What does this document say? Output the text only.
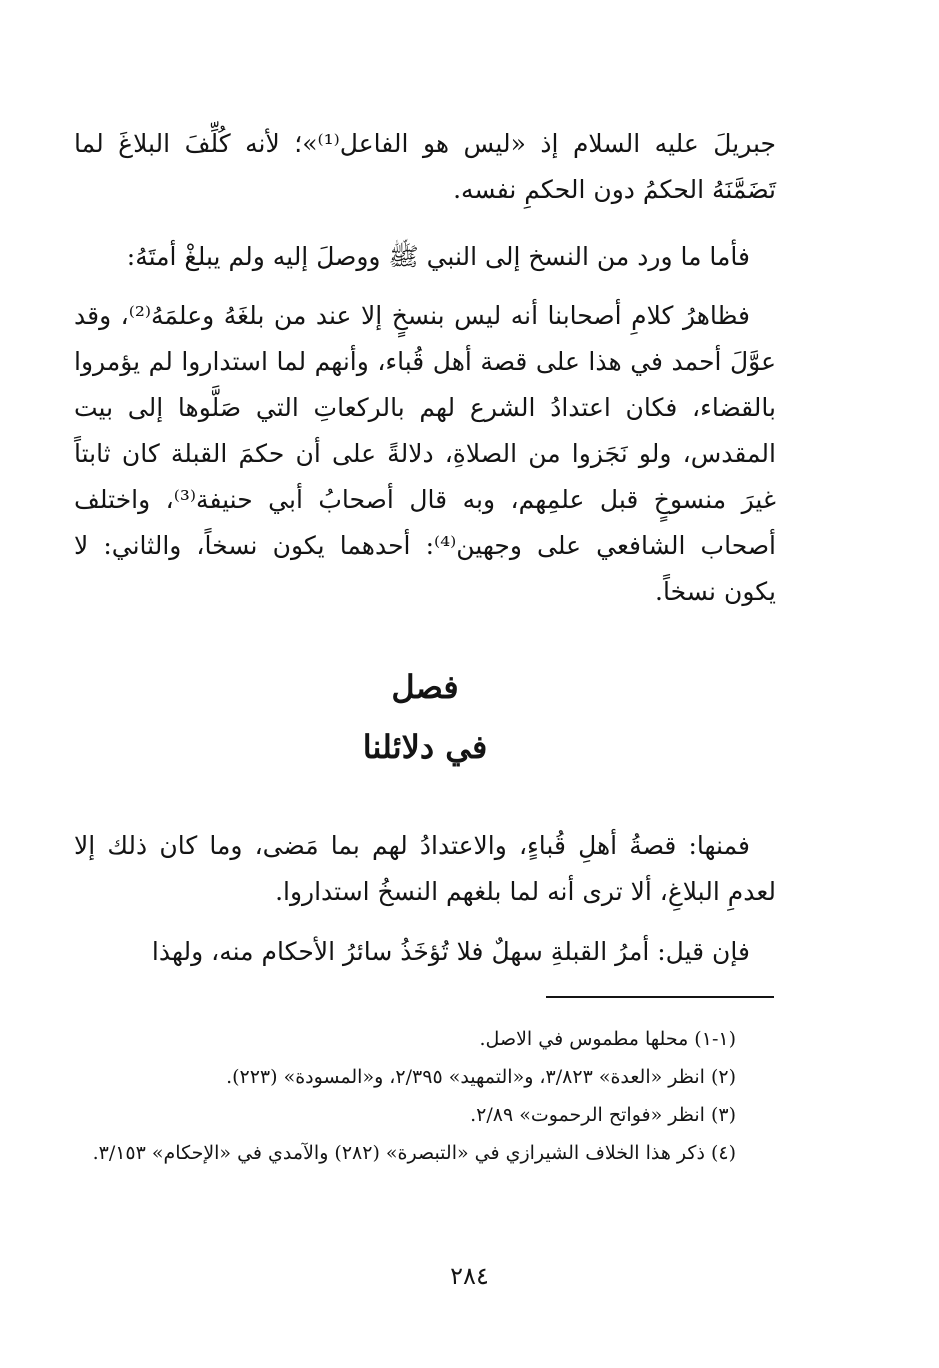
جبريلَ عليه السلام إذ «ليس هو الفاعل⁽¹⁾»؛ لأنه كُلِّفَ البلاغَ لما تَضَمَّنَهُ الحكمُ دون الحكمِ نفسه.

فأما ما ورد من النسخ إلى النبي ﷺ ووصلَ إليه ولم يبلغْ أمتَهُ:

فظاهرُ كلامِ أصحابنا أنه ليس بنسخٍ إلا عند من بلغَهُ وعلمَهُ⁽²⁾، وقد عوَّلَ أحمد في هذا على قصة أهل قُباء، وأنهم لما استداروا لم يؤمروا بالقضاء، فكان اعتدادُ الشرع لهم بالركعاتِ التي صَلَّوها إلى بيت المقدس، ولو نَجَزوا من الصلاةِ، دلالةً على أن حكمَ القبلة كان ثابتاً غيرَ منسوخٍ قبل علمِهم، وبه قال أصحابُ أبي حنيفة⁽³⁾، واختلف أصحاب الشافعي على وجهين⁽⁴⁾: أحدهما يكون نسخاً، والثاني: لا يكون نسخاً.

فصل
في دلائلنا

فمنها: قصةُ أهلِ قُباءٍ، والاعتدادُ لهم بما مَضى، وما كان ذلك إلا لعدمِ البلاغِ، ألا ترى أنه لما بلغهم النسخُ استداروا.

فإن قيل: أمرُ القبلةِ سهلٌ فلا تُؤخَذُ سائرُ الأحكام منه، ولهذا

(١-١) محلها مطموس في الاصل.

(٢) انظر «العدة» ٣/٨٢٣، و«التمهيد» ٢/٣٩٥، و«المسودة» (٢٢٣).

(٣) انظر «فواتح الرحموت» ٢/٨٩.

(٤) ذكر هذا الخلاف الشيرازي في «التبصرة» (٢٨٢) والآمدي في «الإحكام» ٣/١٥٣.

٢٨٤
